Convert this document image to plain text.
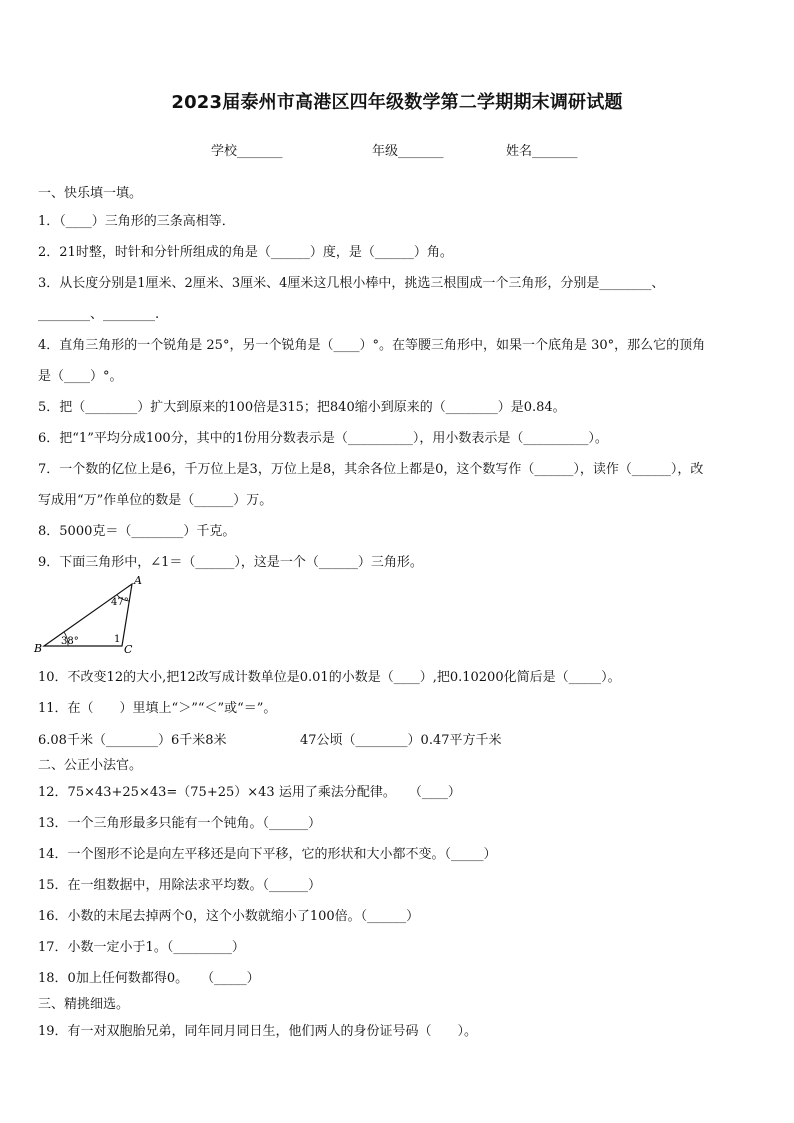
2023届泰州市高港区四年级数学第二学期期末调研试题
学校_______	年级_______	姓名_______
一、快乐填一填。
1．（____）三角形的三条高相等．
2．21时整，时针和分针所组成的角是（______）度，是（______）角。
3．从长度分别是1厘米、2厘米、3厘米、4厘米这几根小棒中，挑选三根围成一个三角形，分别是________、
________、________.
4．直角三角形的一个锐角是 25°，另一个锐角是（____）°。在等腰三角形中，如果一个底角是 30°，那么它的顶角
是（____）°。
5．把（________）扩大到原来的100倍是315；把840缩小到原来的（________）是0.84。
6．把“1”平均分成100分，其中的1份用分数表示是（__________），用小数表示是（__________）。
7．一个数的亿位上是6，千万位上是3，万位上是8，其余各位上都是0，这个数写作（______），读作（______），改
写成用“万”作单位的数是（______）万。
8．5000克＝（________）千克。
9．下面三角形中，∠1＝（______），这是一个（______）三角形。
A
B	C
47°
38°	1
10．不改变12的大小,把12改写成计数单位是0.01的小数是（____）,把0.10200化简后是（_____）。
11．在（　　）里填上“＞”“＜”或“＝”。
6.08千米（________）6千米8米	47公顷（________）0.47平方千米
二、公正小法官。
12．75×43+25×43=（75+25）×43 运用了乘法分配律。　　（____）
13．一个三角形最多只能有一个钝角。（______）
14．一个图形不论是向左平移还是向下平移，它的形状和大小都不变。（_____）
15．在一组数据中，用除法求平均数。（______）
16．小数的末尾去掉两个0，这个小数就缩小了100倍。（______）
17．小数一定小于1。（_________）
18．0加上任何数都得0。　　（_____）
三、精挑细选。
19．有一对双胞胎兄弟，同年同月同日生，他们两人的身份证号码（　　）。
